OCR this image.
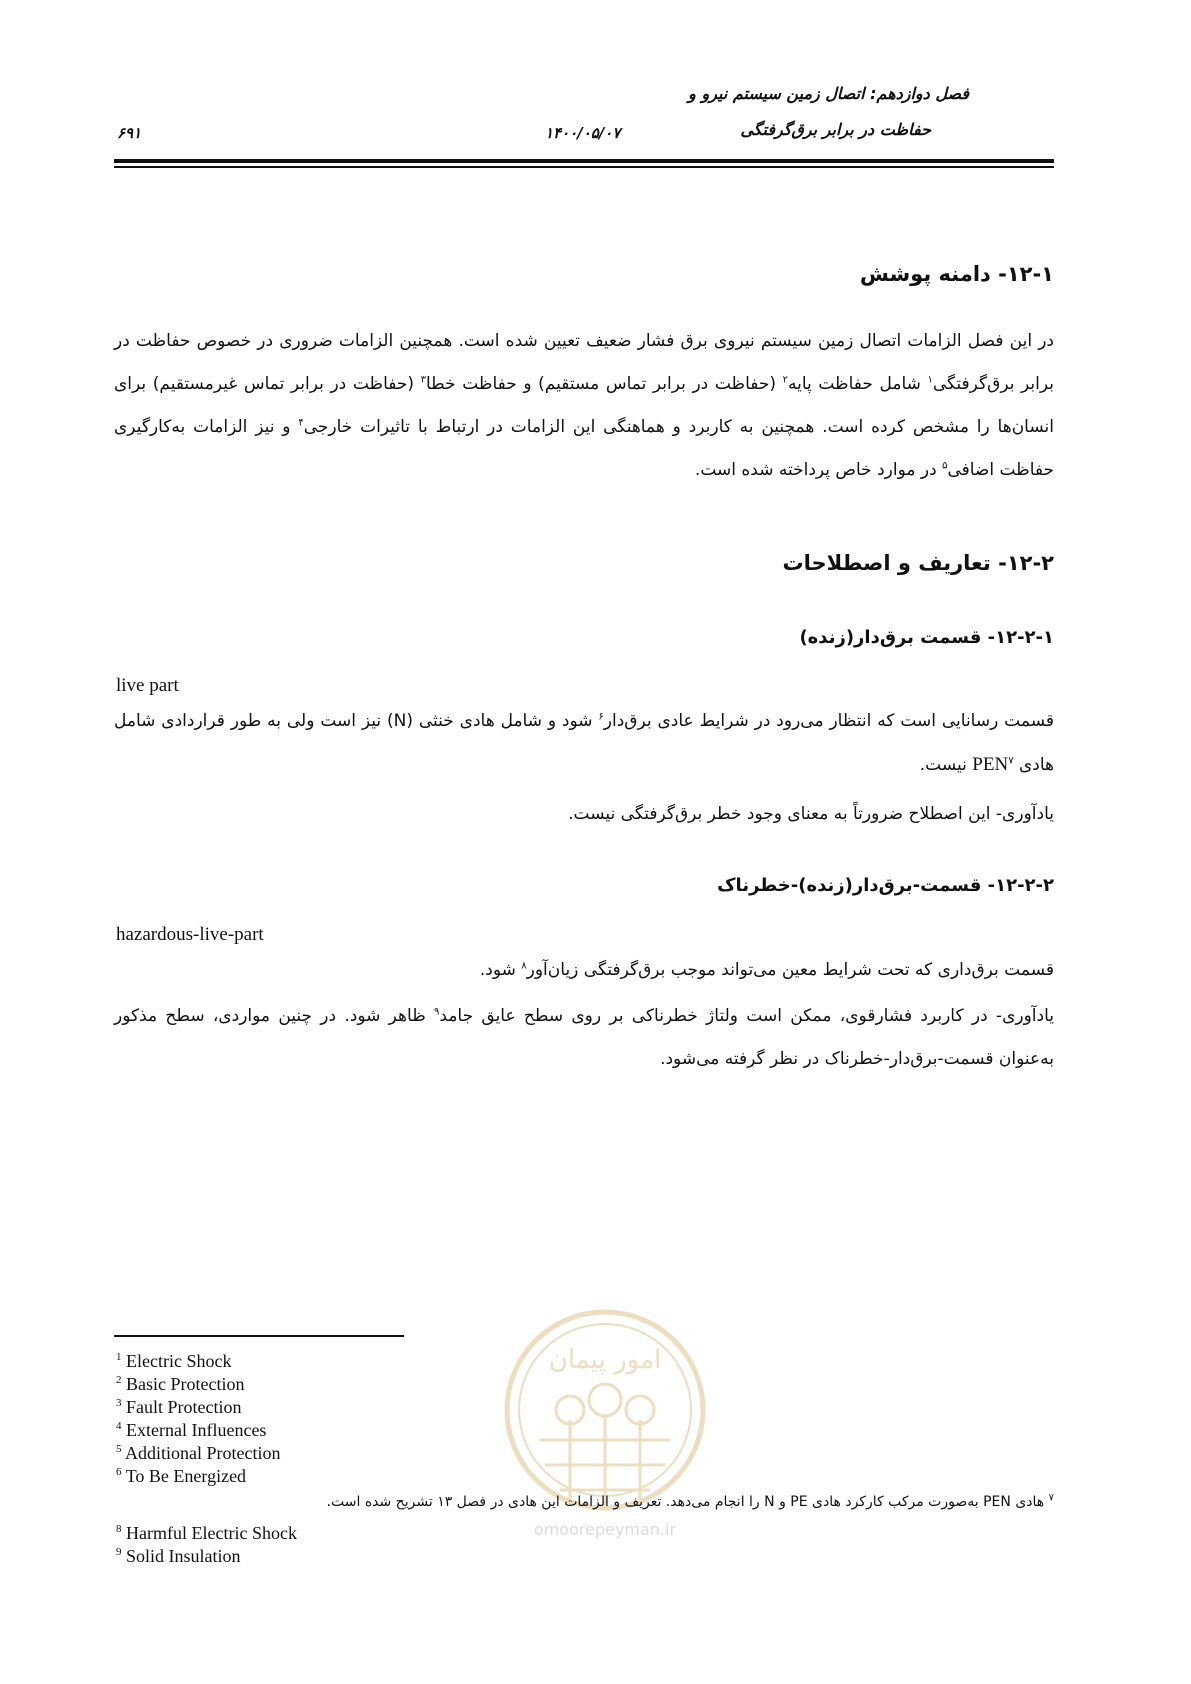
فصل دوازدهم: اتصال زمین سیستم نیرو و
حفاظت در برابر برق‌گرفتگی
۱۴۰۰/۰۵/۰۷
۶۹۱
۱۲-۱- دامنه پوشش
در این فصل الزامات اتصال زمین سیستم نیروی برق فشار ضعیف تعیین شده است. همچنین الزامات ضروری در خصوص حفاظت در برابر برق‌گرفتگی$^۱$ شامل حفاظت پایه$^۲$ (حفاظت در برابر تماس مستقیم) و حفاظت خطا$^۳$ (حفاظت در برابر تماس غیرمستقیم) برای انسان‌ها را مشخص کرده است. همچنین به کاربرد و هماهنگی این الزامات در ارتباط با تاثیرات خارجی$^۴$ و نیز الزامات به‌کارگیری حفاظت اضافی$^۵$ در موارد خاص پرداخته شده است.
۱۲-۲- تعاریف و اصطلاحات
۱۲-۲-۱- قسمت برق‌دار(زنده)
live part
قسمت رسانایی است که انتظار می‌رود در شرایط عادی برق‌دار$^۶$ شود و شامل هادی خنثی (N) نیز است ولی به طور قراردادی شامل هادی PEN$^۷$ نیست.
یادآوری- این اصطلاح ضرورتاً به معنای وجود خطر برق‌گرفتگی نیست.
۱۲-۲-۲- قسمت-برق‌دار(زنده)-خطرناک
hazardous-live-part
قسمت برق‌داری که تحت شرایط معین می‌تواند موجب برق‌گرفتگی زیان‌آور$^۸$ شود.
یادآوری- در کاربرد فشارقوی، ممکن است ولتاژ خطرناکی بر روی سطح عایق جامد$^۹$ ظاهر شود. در چنین مواردی، سطح مذکور به‌عنوان قسمت-برق‌دار-خطرناک در نظر گرفته می‌شود.
امور پیمان
omoorepeyman.ir
$^1$ Electric Shock
$^2$ Basic Protection
$^3$ Fault Protection
$^4$ External Influences
$^5$ Additional Protection
$^6$ To Be Energized
$^۷$ هادی PEN به‌صورت مرکب کارکرد هادی PE و N را انجام می‌دهد. تعریف و الزامات این هادی در فصل ۱۳ تشریح شده است.
$^8$ Harmful Electric Shock
$^9$ Solid Insulation
